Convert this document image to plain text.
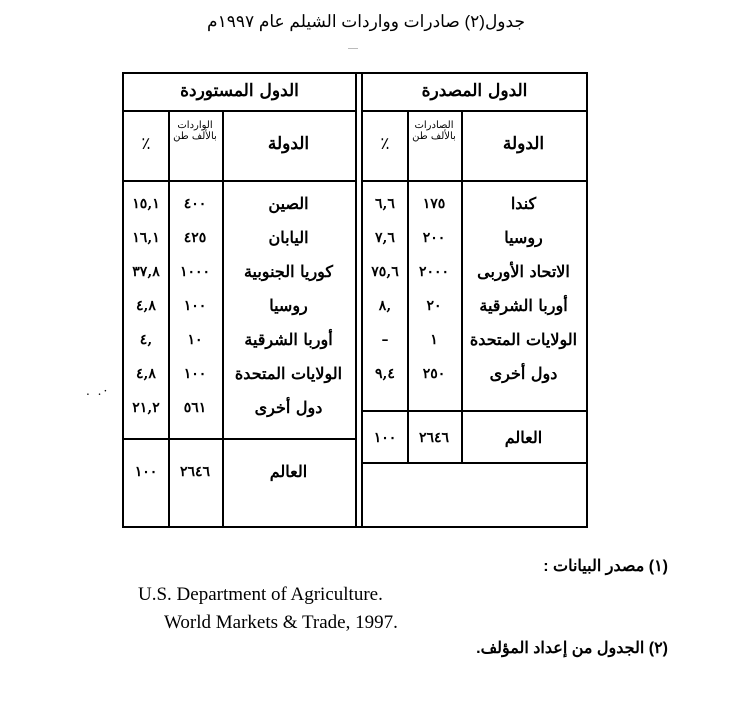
جدول(٢) صادرات وواردات الشيلم عام ١٩٩٧م
الدول المستوردة
الدولة
الواردات بالألف طن
٪
الصين
٤٠٠
١٥,١
اليابان
٤٢٥
١٦,١
كوريا الجنوبية
١٠٠٠
٣٧,٨
روسيا
١٠٠
٤,٨
أوربا الشرقية
١٠
,٤
الولايات المتحدة
١٠٠
٤,٨
دول أخرى
٥٦١
٢١,٢
العالم
٢٦٤٦
١٠٠
الدول المصدرة
الدولة
الصادرات بالألف طن
٪
كندا
١٧٥
٦,٦
روسيا
٢٠٠
٧,٦
الاتحاد الأوربى
٢٠٠٠
٧٥,٦
أوربا الشرقية
٢٠
,٨
الولايات المتحدة
١
–
دول أخرى
٢٥٠
٩,٤
العالم
٢٦٤٦
١٠٠
. .·
(١) مصدر البيانات :
U.S. Department of Agriculture.
World Markets & Trade, 1997.
(٢) الجدول من إعداد المؤلف.
